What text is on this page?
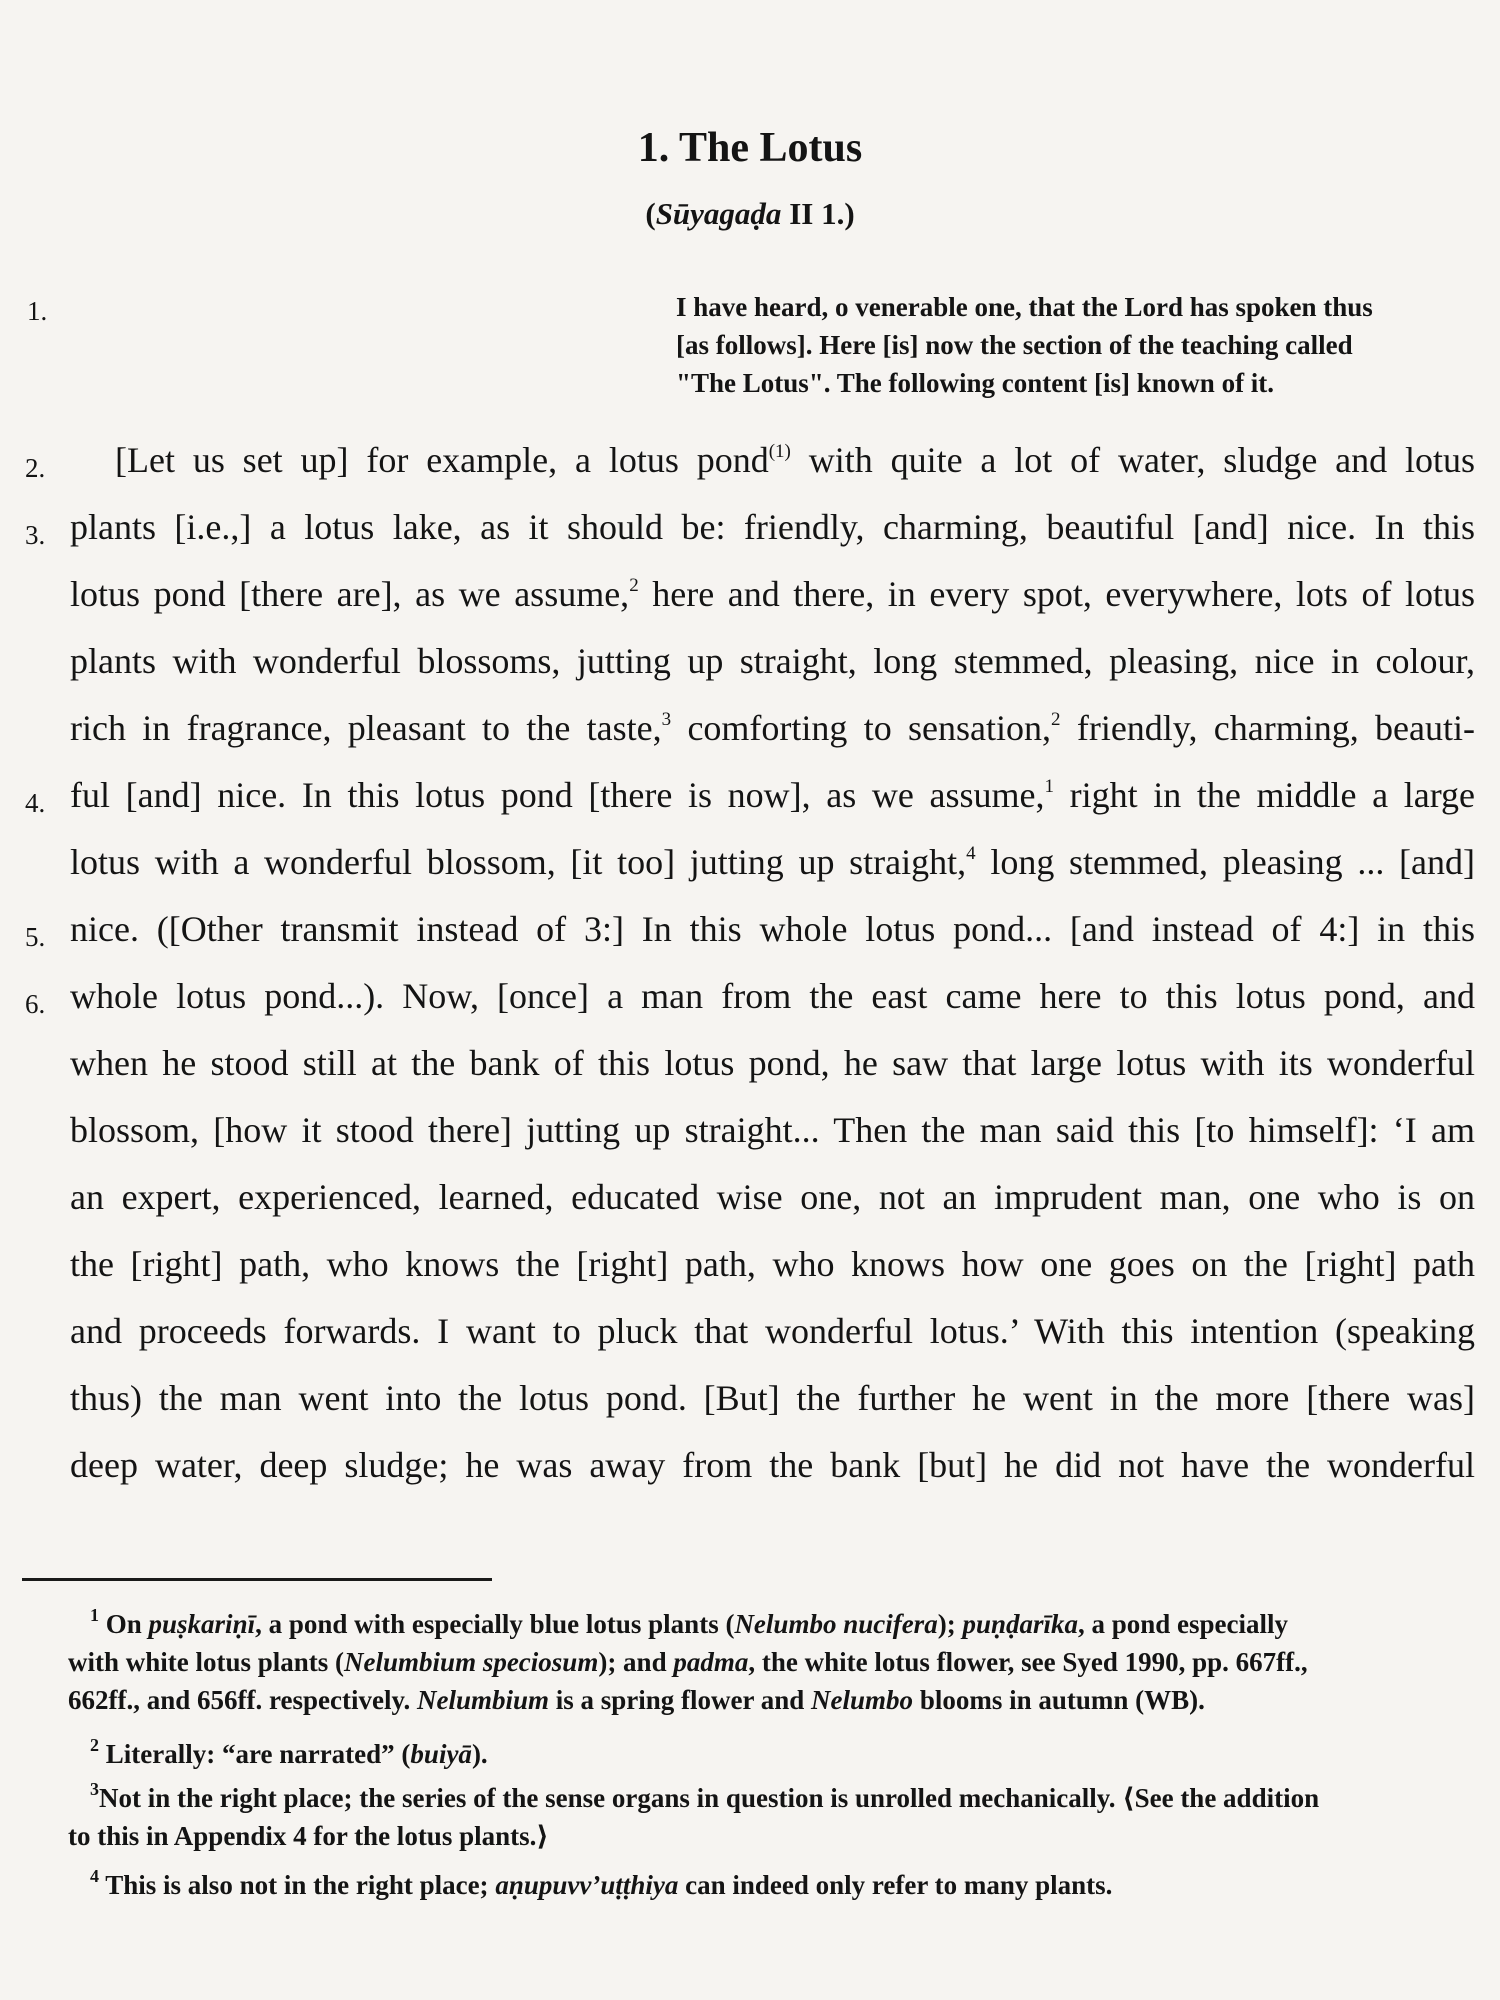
1. The Lotus
(Sūyagaḍa II 1.)
1.	I have heard, o venerable one, that the Lord has spoken thus
[as follows]. Here [is] now the section of the teaching called
"The Lotus". The following content [is] known of it.
2.
3.
4.
5.
6.
[Let us set up] for example, a lotus pond$^{(1)}$ with quite a lot of water, sludge and lotus
plants [i.e.,] a lotus lake, as it should be: friendly, charming, beautiful [and] nice. In this
lotus pond [there are], as we assume,$^2$ here and there, in every spot, everywhere, lots of lotus
plants with wonderful blossoms, jutting up straight, long stemmed, pleasing, nice in colour,
rich in fragrance, pleasant to the taste,$^3$ comforting to sensation,$^2$ friendly, charming, beauti-
ful [and] nice. In this lotus pond [there is now], as we assume,$^1$ right in the middle a large
lotus with a wonderful blossom, [it too] jutting up straight,$^4$ long stemmed, pleasing ... [and]
nice. ([Other transmit instead of 3:] In this whole lotus pond... [and instead of 4:] in this
whole lotus pond...). Now, [once] a man from the east came here to this lotus pond, and
when he stood still at the bank of this lotus pond, he saw that large lotus with its wonderful
blossom, [how it stood there] jutting up straight... Then the man said this [to himself]: ‘I am
an expert, experienced, learned, educated wise one, not an imprudent man, one who is on
the [right] path, who knows the [right] path, who knows how one goes on the [right] path
and proceeds forwards. I want to pluck that wonderful lotus.’ With this intention (speaking
thus) the man went into the lotus pond. [But] the further he went in the more [there was]
deep water, deep sludge; he was away from the bank [but] he did not have the wonderful
$^1$ On puṣkariṇī, a pond with especially blue lotus plants (Nelumbo nucifera); puṇḍarīka, a pond especially
with white lotus plants (Nelumbium speciosum); and padma, the white lotus flower, see Syed 1990, pp. 667ff.,
662ff., and 656ff. respectively. Nelumbium is a spring flower and Nelumbo blooms in autumn (WB).
$^2$ Literally: “are narrated” (buiyā).
$^3$Not in the right place; the series of the sense organs in question is unrolled mechanically. ⟨See the addition
to this in Appendix 4 for the lotus plants.⟩
$^4$ This is also not in the right place; aṇupuvv’uṭṭhiya can indeed only refer to many plants.
